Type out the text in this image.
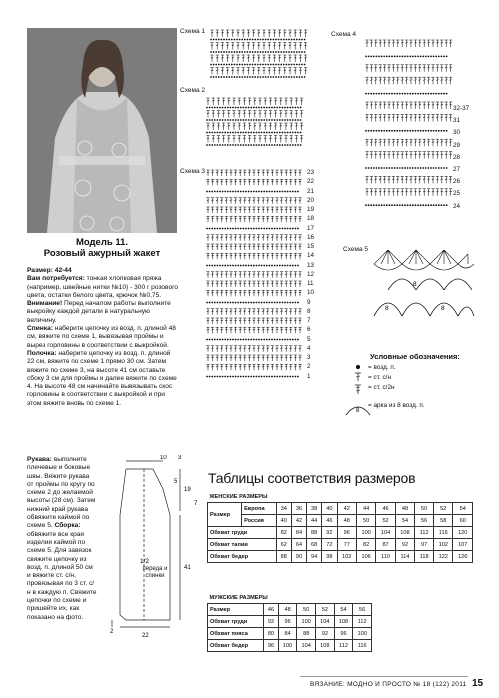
Модель 11.
Розовый ажурный жакет
Размер: 42-44
Вам потребуется: тонкая хлопковая пряжа (например, швейные нитки №10) - 300 г розового цвета, остатки белого цвета, крючок №0,75.
Внимание! Перед началом работы выполните выкройку каждой детали в натуральную величину.
Спинка: наберите цепочку из возд. п. длиной 48 см, вяжите по схеме 1, вывязывая проймы и вырез горловины в соответствии с выкройкой.
Полочка: наберите цепочку из возд. п. длиной 22 см, вяжите по схеме 1 прямо 30 см. Затем вяжите по схеме 3, на высоте 41 см оставьте сбоку 3 см для проймы и далее вяжите по схеме 4. На высоте 48 см начинайте вывязывать скос горловины в соответствии с выкройкой и при этом вяжите вновь по схеме 1.
Рукава: выполните плечевые и боковые швы. Вяжите рукава от проймы по кругу по схеме 2 до желаемой высоты (28 см). Затем нижний край рукава обвяжите каймой по схеме 5. Сборка: обвяжите все края изделия каймой по схеме 5. Для завязок свяжите цепочку из возд. п. длиной 50 см и вяжите ст. с/н, провязывая по 3 ст. с/н в каждую п. Свяжите цепочки по схеме и пришейте их, как показано на фото.
10 3
5
7
19
41
2
22
1/2
переда и спинки
Схема 1
Схема 2
Схема 3
Схема 4
Схема 5
23
22
21
20
19
18
17
16
15
14
13
12
11
10
9
8
7
6
5
4
3
2
1
32-37
31
30
29
28
27
26
25
24
8
8	8
Условные обозначения:
8
= возд. п.
= ст. с/н
= ст. с/2н
= арка из 8 возд. п.
Таблицы соответствия размеров
ЖЕНСКИЕ РАЗМЕРЫ												
Размер	Европа	34	36	38	40	42	44	46	48	50	52	54
	Россия	40	42	44	46	48	50	52	54	56	58	60
Обхват груди		82	84	88	92	96	100	104	108	112	116	120
Обхват талии		62	64	68	72	77	82	87	92	97	102	107
Обхват бедер		88	90	94	98	102	106	110	114	118	122	126
МУЖСКИЕ РАЗМЕРЫ						
Размер	46	48	50	52	54	56
Обхват груди	92	96	100	104	108	112
Обхват пояса	80	84	88	92	96	100
Обхват бедер	96	100	104	108	112	116
ВЯЗАНИЕ: МОДНО И ПРОСТО № 18 (122) 2011 15
